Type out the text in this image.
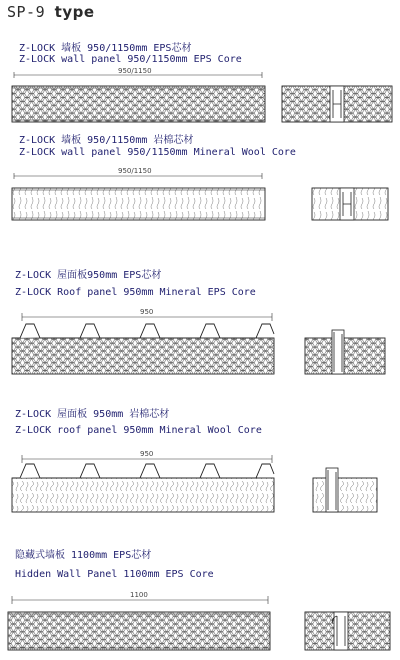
SP-9 type
Z-LOCK 墙板 950/1150mm EPS芯材
Z-LOCK wall panel 950/1150mm EPS Core
Z-LOCK 墙板 950/1150mm 岩棉芯材
Z-LOCK wall panel 950/1150mm Mineral Wool Core
Z-LOCK 屋面板950mm EPS芯材
Z-LOCK Roof panel 950mm Mineral EPS Core
Z-LOCK 屋面板 950mm 岩棉芯材
Z-LOCK roof panel 950mm Mineral Wool Core
隐藏式墙板 1100mm EPS芯材
Hidden Wall Panel 1100mm EPS Core
950/1150
950/1150
950
950
1100
